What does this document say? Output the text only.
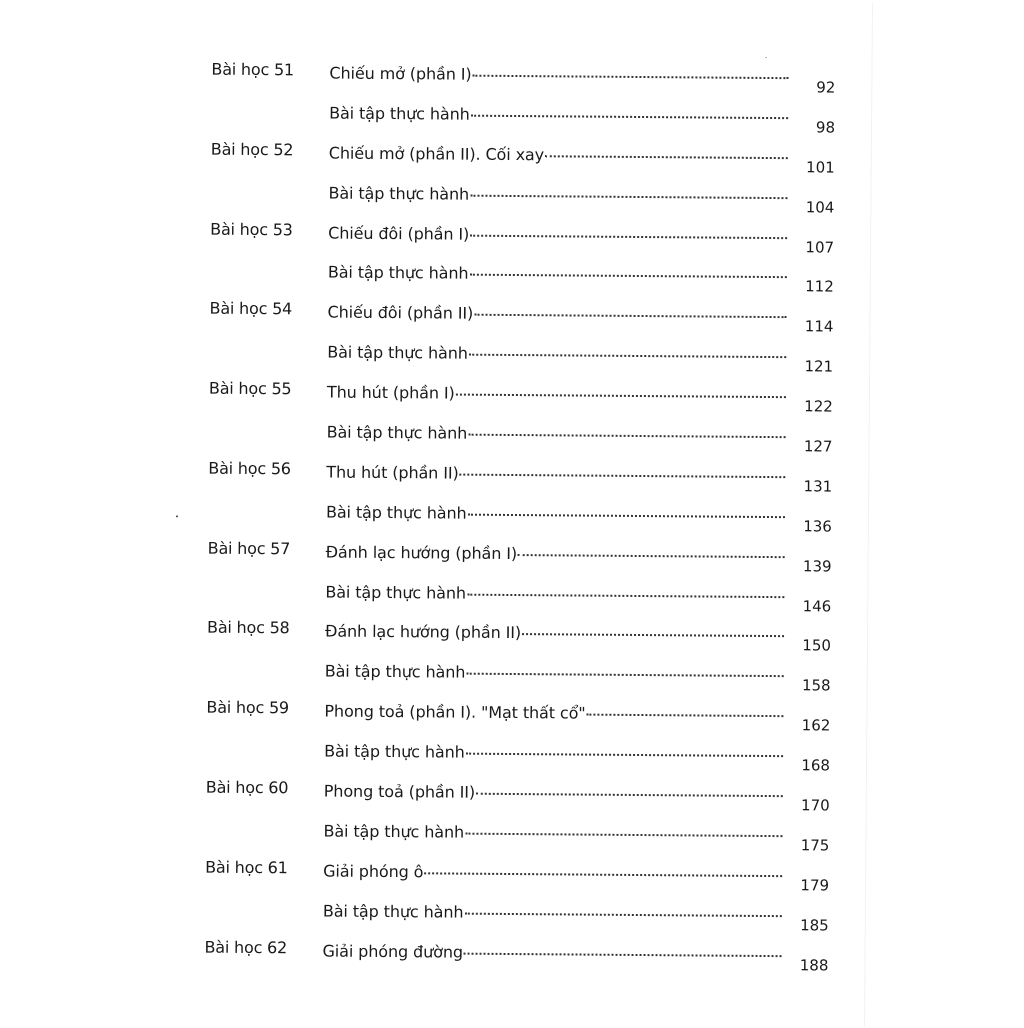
Bài học 51 Chiếu mở (phần I)
92
Bài tập thực hành
98
Bài học 52 Chiếu mở (phần II). Cối xay
101
Bài tập thực hành
104
Bài học 53 Chiếu đôi (phần I)
107
Bài tập thực hành
112
Bài học 54 Chiếu đôi (phần II)
114
Bài tập thực hành
121
Bài học 55 Thu hút (phần I)
122
Bài tập thực hành
127
Bài học 56 Thu hút (phần II)
131
Bài tập thực hành
136
Bài học 57 Đánh lạc hướng (phần I)
139
Bài tập thực hành
146
Bài học 58 Đánh lạc hướng (phần II)
150
Bài tập thực hành
158
Bài học 59 Phong toả (phần I). "Mạt thất cổ"
162
Bài tập thực hành
168
Bài học 60 Phong toả (phần II)
170
Bài tập thực hành
175
Bài học 61 Giải phóng ô
179
Bài tập thực hành
185
Bài học 62 Giải phóng đường
188
